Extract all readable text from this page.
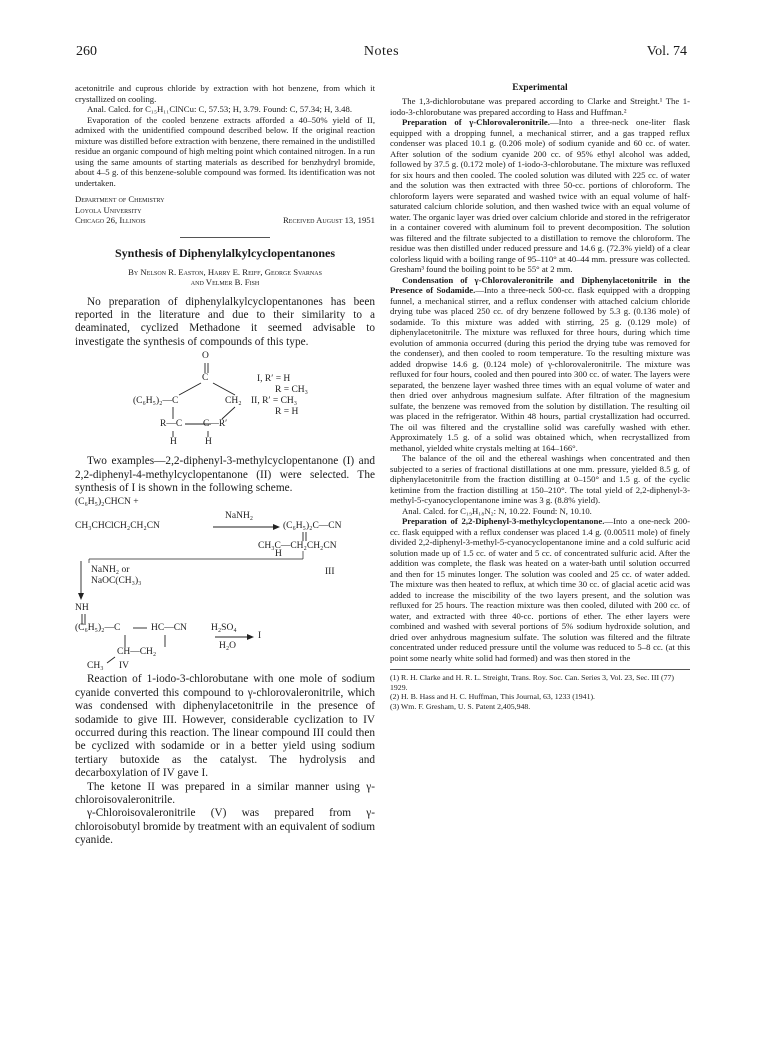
260	Notes	Vol. 74

acetonitrile and cuprous chloride by extraction with hot benzene, from which it crystallized on cooling.

Anal. Calcd. for C₁₅H₁₁ClNCu: C, 57.53; H, 3.79. Found: C, 57.34; H, 3.48.

Evaporation of the cooled benzene extracts afforded a 40–50% yield of II, admixed with the unidentified compound described below. If the original reaction mixture was distilled before extraction with benzene, there remained in the undistilled residue an organic compound of high melting point which contained nitrogen. In a run using the same amounts of starting materials as described for benzhydryl bromide, about 4–5 g. of this benzene-soluble compound was formed. Its identification was not undertaken.

Department of Chemistry
Loyola University
Chicago 26, Illinois	Received August 13, 1951
Synthesis of Diphenylalkylcyclopentanones
By Nelson R. Easton, Harry E. Reiff, George Svarnas
and Velmer B. Fish

No preparation of diphenylalkylcyclopentanones has been reported in the literature and due to their similarity to a deaminated, cyclized Methadone it seemed advisable to investigate the synthesis of compounds of this type.

O
C
(C₆H₅)₂—C	CH₂
R—C C—R′
H	H
I, R′ = H
R = CH₃
II, R′ = CH₃
R = H

Two examples—2,2-diphenyl-3-methylcyclopentanone (I) and 2,2-diphenyl-4-methylcyclopentanone (II) were selected. The synthesis of I is shown in the following scheme.

(C₆H₅)₂CHCN +
NaNH₂
CH₃CHClCH₂CH₂CN	(C₆H₅)₂C—CN
CH₃C—CH₂CH₂CN
H
III
NaNH₂ or
NaOC(CH₃)₃
NH
(C₆H₅)₂—C	HC—CN	H₂SO₄
I
H₂O
CH—CH₂
CH₃ IV

Reaction of 1-iodo-3-chlorobutane with one mole of sodium cyanide converted this compound to γ-chlorovaleronitrile, which was condensed with diphenylacetonitrile in the presence of sodamide to give III. However, considerable cyclization to IV occurred during this reaction. The linear compound III could then be cyclized with sodamide or in a better yield using sodium tertiary butoxide as the catalyst. The hydrolysis and decarboxylation of IV gave I.

The ketone II was prepared in a similar manner using γ-chloroisovaleronitrile.

γ-Chloroisovaleronitrile (V) was prepared from γ-chloroisobutyl bromide by treatment with an equivalent of sodium cyanide.

Experimental

The 1,3-dichlorobutane was prepared according to Clarke and Streight.¹ The 1-iodo-3-chlorobutane was prepared according to Hass and Huffman.²

Preparation of γ-Chlorovaleronitrile.—Into a three-neck one-liter flask equipped with a dropping funnel, a mechanical stirrer, and a gas trapped reflux condenser was placed 10.1 g. (0.206 mole) of sodium cyanide and 60 cc. of water. After solution of the sodium cyanide 200 cc. of 95% ethyl alcohol was added, followed by 37.5 g. (0.172 mole) of 1-iodo-3-chlorobutane. The mixture was refluxed for six hours and then cooled. The cooled solution was diluted with 225 cc. of water and the solution was then extracted with three 50-cc. portions of chloroform. The chloroform layers were separated and washed twice with an equal volume of half-saturated calcium chloride solution, and then washed twice with an equal volume of water. The organic layer was dried over calcium chloride and stored in the refrigerator in a container covered with aluminum foil to prevent decomposition. The solution was filtered and the filtrate subjected to a distillation to remove the chloroform. The residue was then distilled under reduced pressure and 14.6 g. (72.3% yield) of a clear colorless liquid with a boiling range of 95–110° at 40–44 mm. pressure was collected. Gresham³ found the boiling point to be 55° at 2 mm.

Condensation of γ-Chlorovaleronitrile and Diphenylacetonitrile in the Presence of Sodamide.—Into a three-neck 500-cc. flask equipped with a dropping funnel, a mechanical stirrer, and a reflux condenser with attached calcium chloride drying tube was placed 250 cc. of dry benzene followed by 5.3 g. (0.136 mole) of sodamide. To this mixture was added with stirring, 25 g. (0.129 mole) of diphenylacetonitrile. The mixture was refluxed for three hours, during which time evolution of ammonia occurred (during this period the drying tube was removed for the condenser), and then cooled to room temperature. To the resulting mixture was added dropwise 14.6 g. (0.124 mole) of γ-chlorovaleronitrile. The mixture was refluxed for four hours, cooled and then poured into 300 cc. of water. The layers were separated, the benzene layer washed three times with an equal volume of water and then dried over anhydrous magnesium sulfate. After filtration of the magnesium sulfate, the benzene was removed from the solution by distillation. The resulting oil was placed in the refrigerator. Within 48 hours, partial crystallization had occurred. The oil was filtered and the crystalline solid was carefully washed with ether. Approximately 1.5 g. of a solid was obtained which, when recrystallized from methanol, yielded white crystals melting at 164–166°.

The balance of the oil and the ethereal washings when concentrated and then subjected to a series of fractional distillations at one mm. pressure, yielded 8.5 g. of diphenylacetonitrile from the fraction distilling at 0–150° and 1.5 g. of the cyclic ketimine from the fraction distilling at 150–210°. The total yield of 2,2-diphenyl-3-methyl-5-cyanocyclopentanone imine was 3 g. (8.8% yield).

Anal. Calcd. for C₁₉H₁₈N₂: N, 10.22. Found: N, 10.10.

Preparation of 2,2-Diphenyl-3-methylcyclopentanone.—Into a one-neck 200-cc. flask equipped with a reflux condenser was placed 1.4 g. (0.00511 mole) of finely divided 2,2-diphenyl-3-methyl-5-cyanocyclopentanone imine and a cold sulfuric acid solution made up of 1.5 cc. of water and 5 cc. of concentrated sulfuric acid. After the addition was complete, the flask was heated on a water-bath until solution occurred and then for 15 minutes longer. The solution was cooled and 25 cc. of water added. The mixture was then heated to reflux, at which time 30 cc. of glacial acetic acid was added to increase the miscibility of the two layers present, and the solution was refluxed for 25 hours. The reaction mixture was then cooled, diluted with 200 cc. of water, and extracted with three 40-cc. portions of ether. The ether layers were combined and washed with several portions of 5% sodium hydroxide solution, and dried over anhydrous magnesium sulfate. The solution was filtered and the filtrate concentrated under reduced pressure until the volume was reduced to 5–8 cc. (at this point some nearly white solid had formed) and was then stored in the

(1) R. H. Clarke and H. R. L. Streight, Trans. Roy. Soc. Can. Series 3, Vol. 23, Sec. III (77) 1929.
(2) H. B. Hass and H. C. Huffman, This Journal, 63, 1233 (1941).
(3) Wm. F. Gresham, U. S. Patent 2,405,948.
